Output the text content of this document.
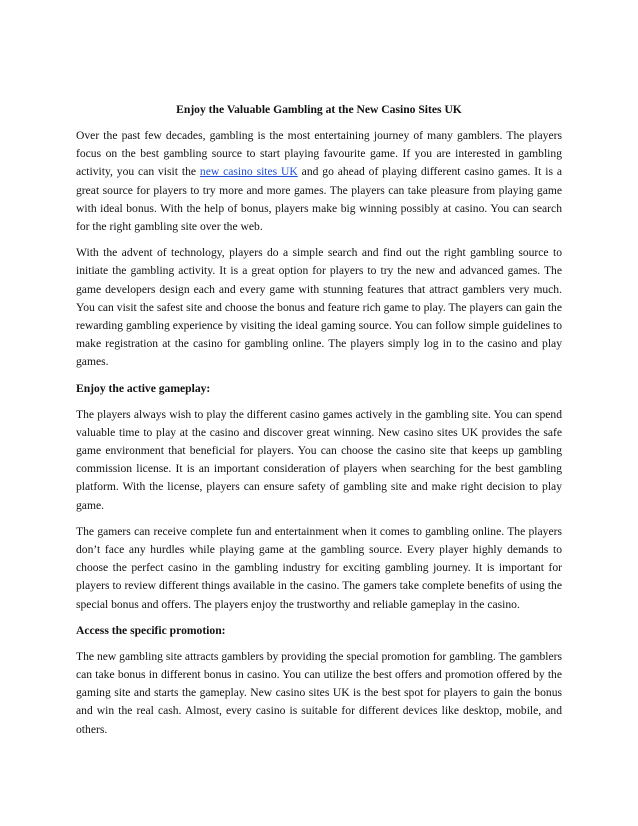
Enjoy the Valuable Gambling at the New Casino Sites UK

Over the past few decades, gambling is the most entertaining journey of many gamblers. The players focus on the best gambling source to start playing favourite game. If you are interested in gambling activity, you can visit the new casino sites UK and go ahead of playing different casino games. It is a great source for players to try more and more games. The players can take pleasure from playing game with ideal bonus. With the help of bonus, players make big winning possibly at casino. You can search for the right gambling site over the web.

With the advent of technology, players do a simple search and find out the right gambling source to initiate the gambling activity. It is a great option for players to try the new and advanced games. The game developers design each and every game with stunning features that attract gamblers very much. You can visit the safest site and choose the bonus and feature rich game to play. The players can gain the rewarding gambling experience by visiting the ideal gaming source. You can follow simple guidelines to make registration at the casino for gambling online. The players simply log in to the casino and play games.

Enjoy the active gameplay:

The players always wish to play the different casino games actively in the gambling site. You can spend valuable time to play at the casino and discover great winning. New casino sites UK provides the safe game environment that beneficial for players. You can choose the casino site that keeps up gambling commission license. It is an important consideration of players when searching for the best gambling platform. With the license, players can ensure safety of gambling site and make right decision to play game.

The gamers can receive complete fun and entertainment when it comes to gambling online. The players don’t face any hurdles while playing game at the gambling source. Every player highly demands to choose the perfect casino in the gambling industry for exciting gambling journey. It is important for players to review different things available in the casino. The gamers take complete benefits of using the special bonus and offers. The players enjoy the trustworthy and reliable gameplay in the casino.

Access the specific promotion:

The new gambling site attracts gamblers by providing the special promotion for gambling. The gamblers can take bonus in different bonus in casino. You can utilize the best offers and promotion offered by the gaming site and starts the gameplay. New casino sites UK is the best spot for players to gain the bonus and win the real cash. Almost, every casino is suitable for different devices like desktop, mobile, and others.
